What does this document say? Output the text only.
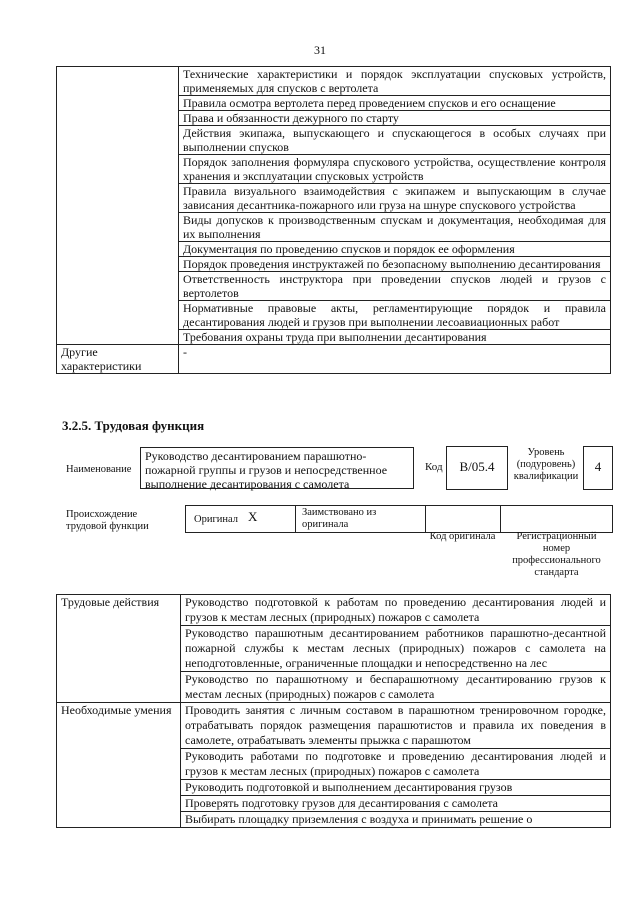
31
	Технические характеристики и порядок эксплуатации спусковых устройств, применяемых для спусков с вертолета
	Правила осмотра вертолета перед проведением спусков и его оснащение
	Права и обязанности дежурного по старту
	Действия экипажа, выпускающего и спускающегося в особых случаях при выполнении спусков
	Порядок заполнения формуляра спускового устройства, осуществление контроля хранения и эксплуатации спусковых устройств
	Правила визуального взаимодействия с экипажем и выпускающим в случае зависания десантника-пожарного или груза на шнуре спускового устройства
	Виды допусков к производственным спускам и документация, необходимая для их выполнения
	Документация по проведению спусков и порядок ее оформления
	Порядок проведения инструктажей по безопасному выполнению десантирования
	Ответственность инструктора при проведении спусков людей и грузов с вертолетов
	Нормативные правовые акты, регламентирующие порядок и правила десантирования людей и грузов при выполнении лесоавиационных работ
	Требования охраны труда при выполнении десантирования
Другие характеристики	-
3.2.5. Трудовая функция
Наименование
Руководство десантированием парашютно-пожарной группы и грузов и непосредственное выполнение десантирования с самолета
Код	B/05.4
Уровень (подуровень) квалификации
4
Происхождение трудовой функции
Оригинал X	Заимствовано из оригинала
Код оригинала	Регистрационный номер профессионального стандарта
Трудовые действия	Руководство подготовкой к работам по проведению десантирования людей и грузов к местам лесных (природных) пожаров с самолета
	Руководство парашютным десантированием работников парашютно-десантной пожарной службы к местам лесных (природных) пожаров с самолета на неподготовленные, ограниченные площадки и непосредственно на лес
	Руководство по парашютному и беспарашютному десантированию грузов к местам лесных (природных) пожаров с самолета
Необходимые умения	Проводить занятия с личным составом в парашютном тренировочном городке, отрабатывать порядок размещения парашютистов и правила их поведения в самолете, отрабатывать элементы прыжка с парашютом
	Руководить работами по подготовке и проведению десантирования людей и грузов к местам лесных (природных) пожаров с самолета
	Руководить подготовкой и выполнением десантирования грузов
	Проверять подготовку грузов для десантирования с самолета
	Выбирать площадку приземления с воздуха и принимать решение о
